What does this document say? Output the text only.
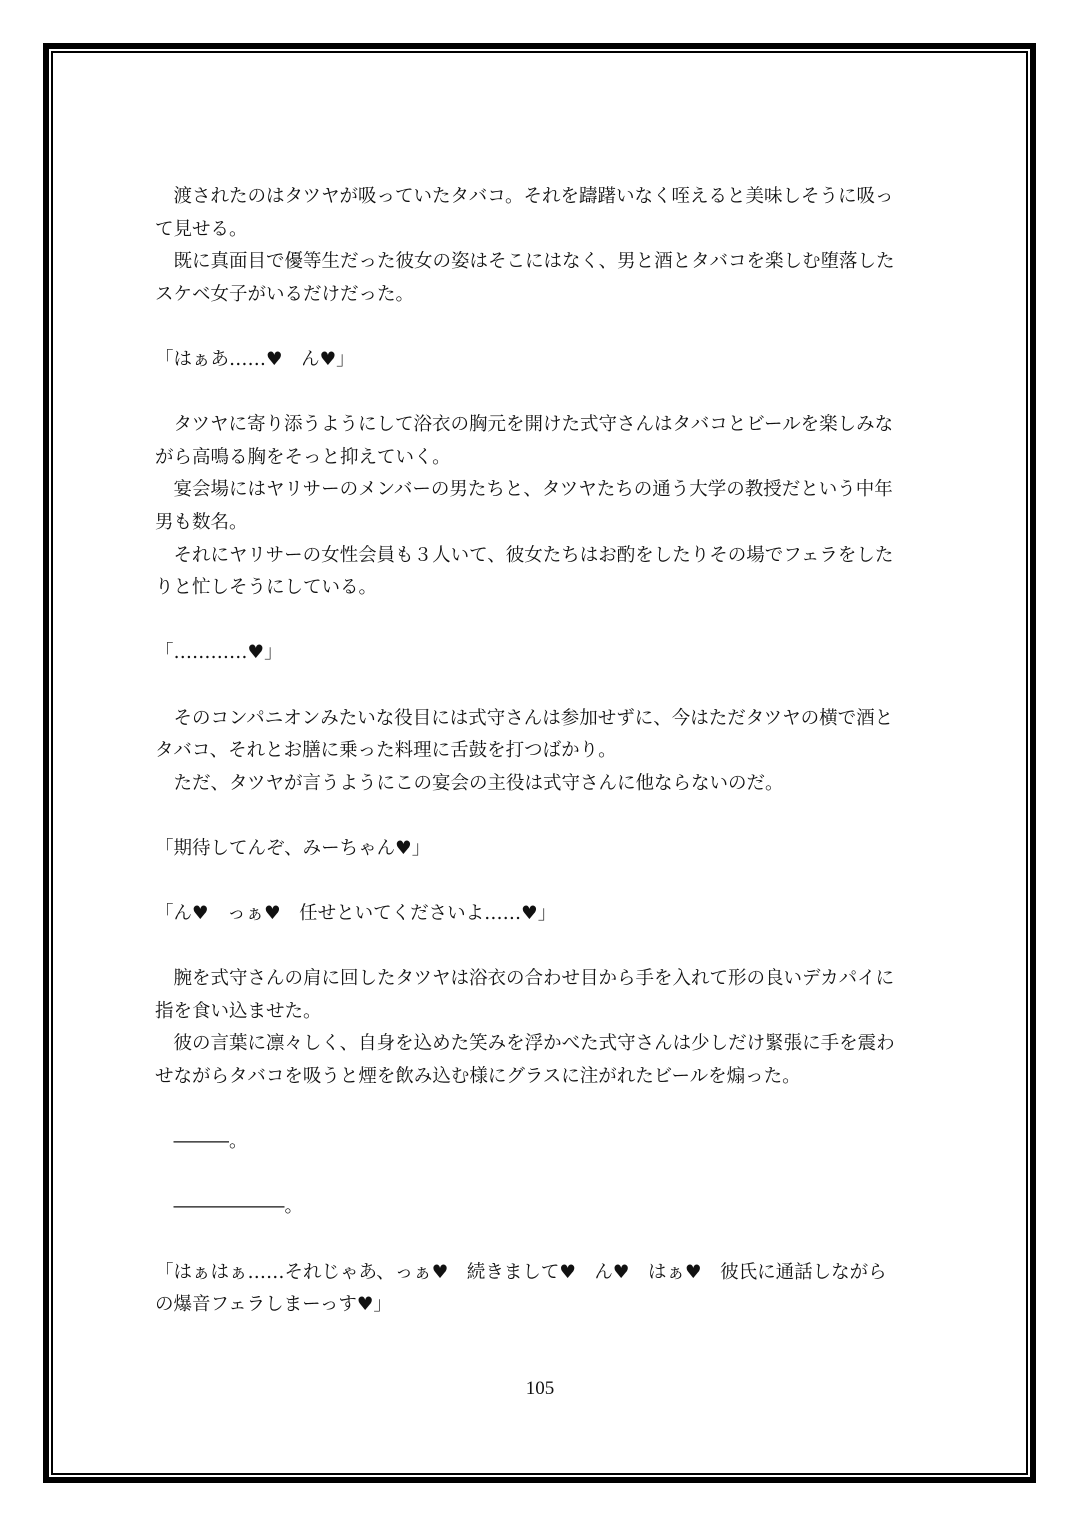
　渡されたのはタツヤが吸っていたタバコ。それを躊躇いなく咥えると美味しそうに吸っ
て見せる。
　既に真面目で優等生だった彼女の姿はそこにはなく、男と酒とタバコを楽しむ堕落した
スケベ女子がいるだけだった。
「はぁあ……♥　ん♥」
　タツヤに寄り添うようにして浴衣の胸元を開けた式守さんはタバコとビールを楽しみな
がら高鳴る胸をそっと抑えていく。
　宴会場にはヤリサーのメンバーの男たちと、タツヤたちの通う大学の教授だという中年
男も数名。
　それにヤリサーの女性会員も３人いて、彼女たちはお酌をしたりその場でフェラをした
りと忙しそうにしている。
「…………♥」
　そのコンパニオンみたいな役目には式守さんは参加せずに、今はただタツヤの横で酒と
タバコ、それとお膳に乗った料理に舌鼓を打つばかり。
　ただ、タツヤが言うようにこの宴会の主役は式守さんに他ならないのだ。
「期待してんぞ、みーちゃん♥」
「ん♥　っぁ♥　任せといてくださいよ……♥」
　腕を式守さんの肩に回したタツヤは浴衣の合わせ目から手を入れて形の良いデカパイに
指を食い込ませた。
　彼の言葉に凛々しく、自身を込めた笑みを浮かべた式守さんは少しだけ緊張に手を震わ
せながらタバコを吸うと煙を飲み込む様にグラスに注がれたビールを煽った。
　―――。
　――――――。
「はぁはぁ……それじゃあ、っぁ♥　続きまして♥　ん♥　はぁ♥　彼氏に通話しながら
の爆音フェラしまーっす♥」
105
